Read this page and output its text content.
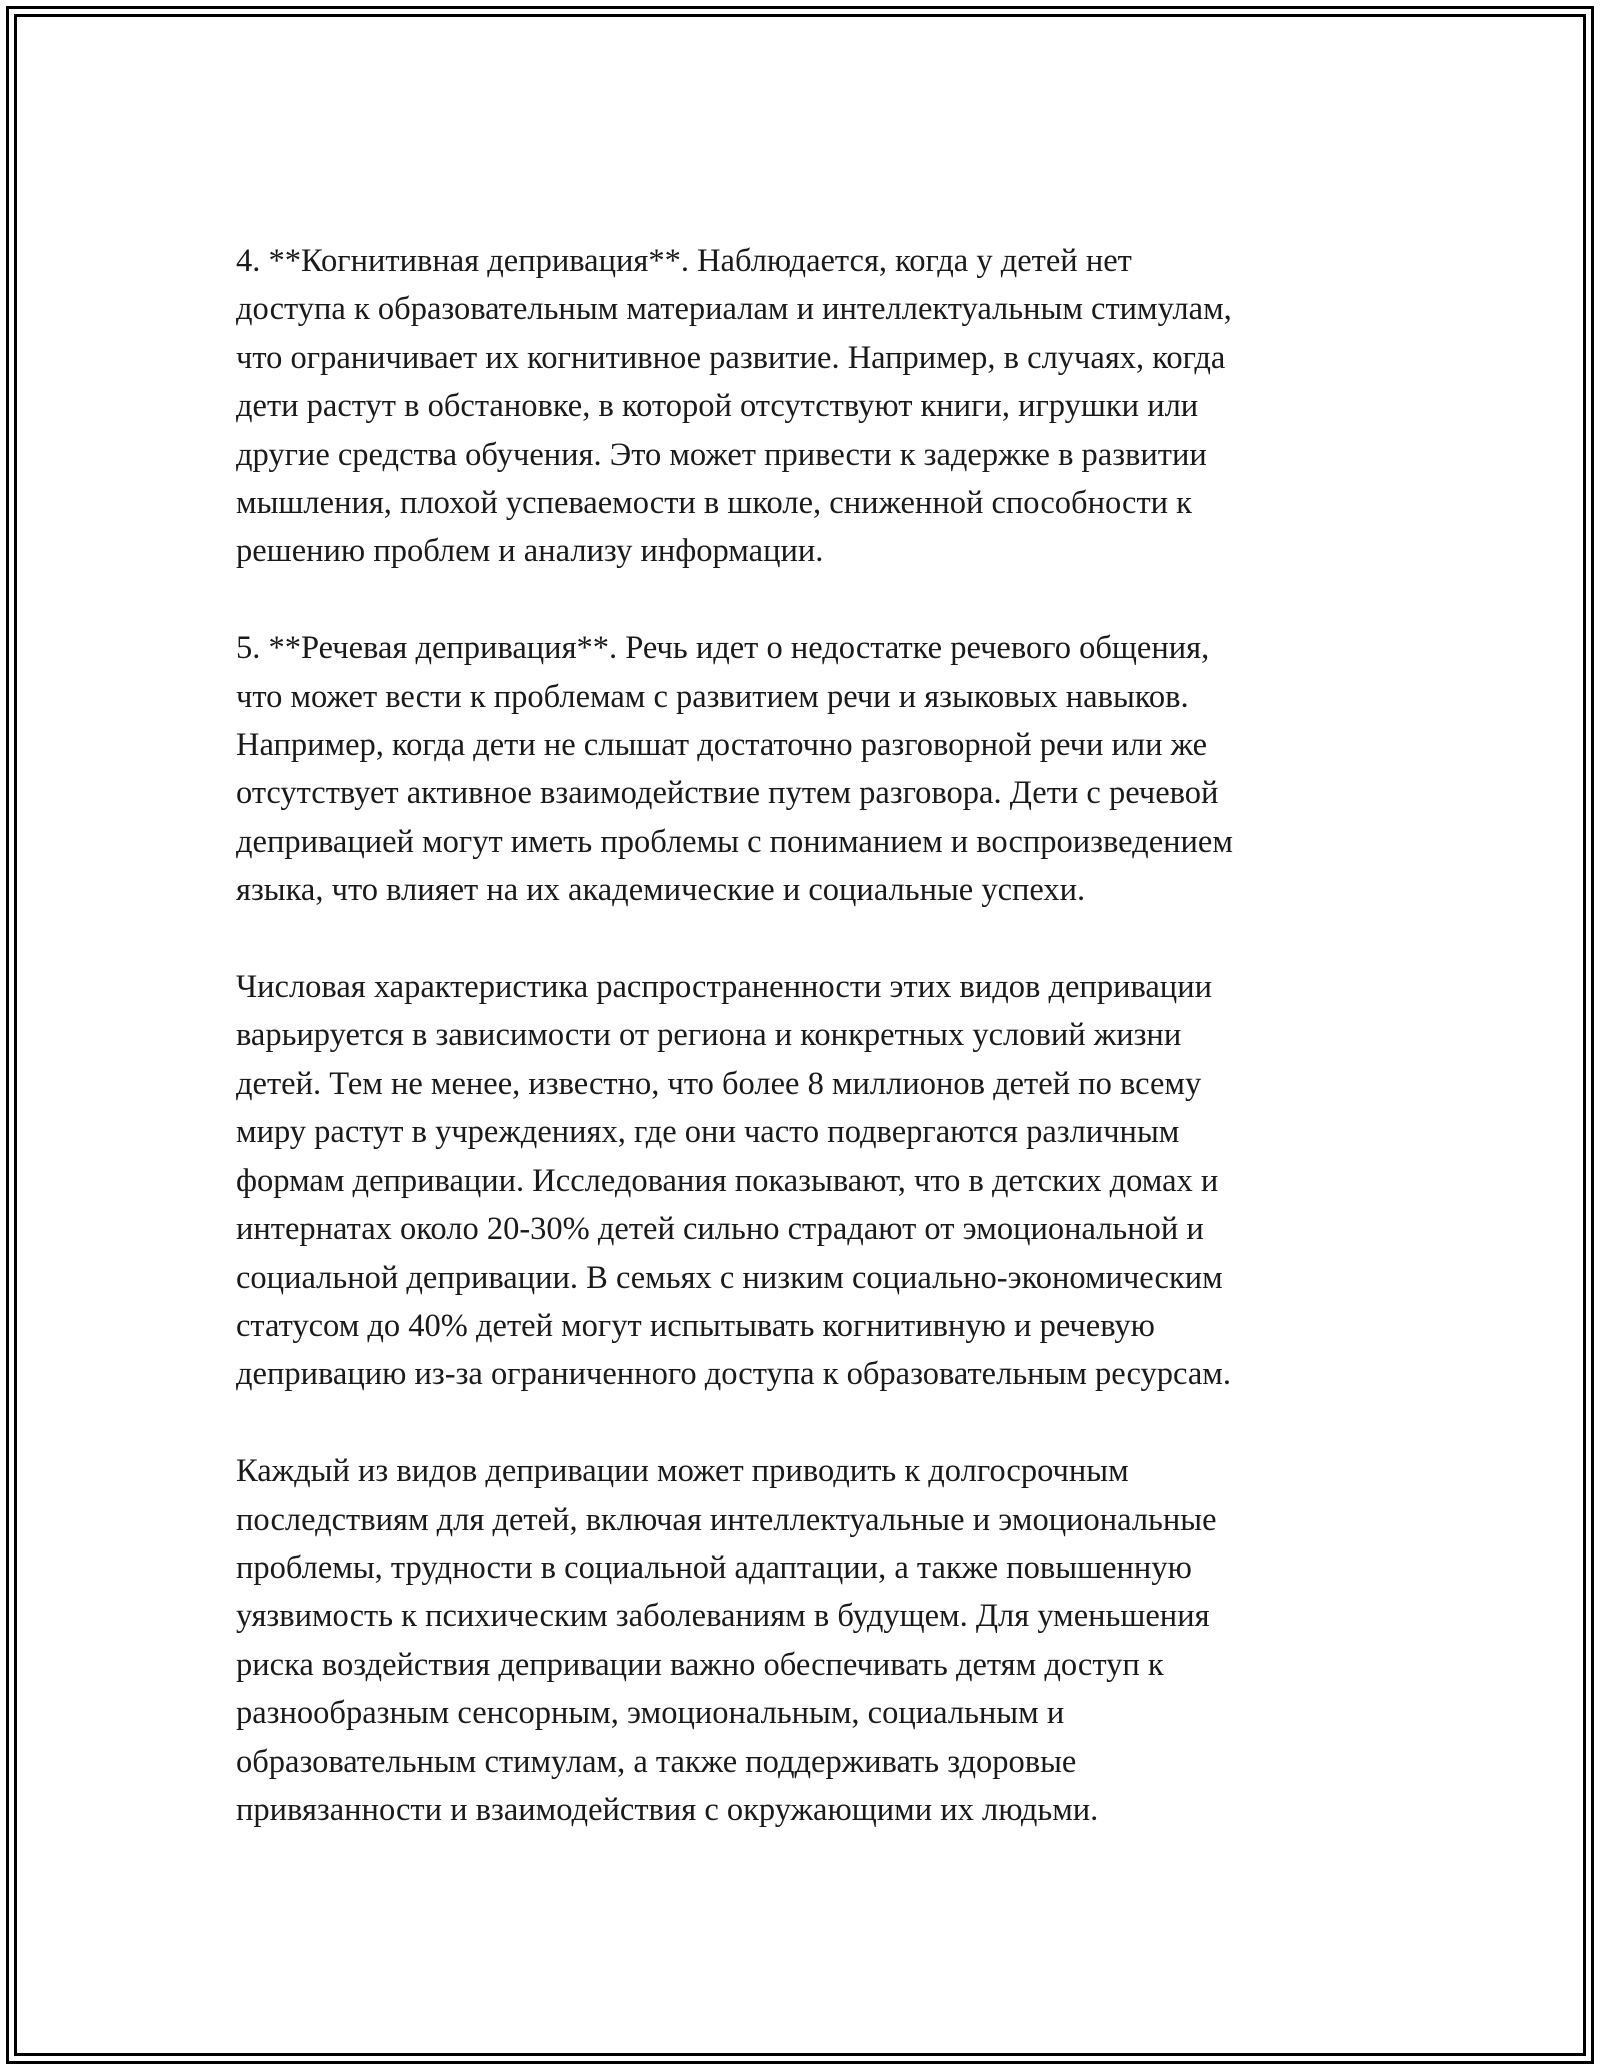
4. **Когнитивная депривация**. Наблюдается, когда у детей нет
доступа к образовательным материалам и интеллектуальным стимулам,
что ограничивает их когнитивное развитие. Например, в случаях, когда
дети растут в обстановке, в которой отсутствуют книги, игрушки или
другие средства обучения. Это может привести к задержке в развитии
мышления, плохой успеваемости в школе, сниженной способности к
решению проблем и анализу информации.

5. **Речевая депривация**. Речь идет о недостатке речевого общения,
что может вести к проблемам с развитием речи и языковых навыков.
Например, когда дети не слышат достаточно разговорной речи или же
отсутствует активное взаимодействие путем разговора. Дети с речевой
депривацией могут иметь проблемы с пониманием и воспроизведением
языка, что влияет на их академические и социальные успехи.

Числовая характеристика распространенности этих видов депривации
варьируется в зависимости от региона и конкретных условий жизни
детей. Тем не менее, известно, что более 8 миллионов детей по всему
миру растут в учреждениях, где они часто подвергаются различным
формам депривации. Исследования показывают, что в детских домах и
интернатах около 20-30% детей сильно страдают от эмоциональной и
социальной депривации. В семьях с низким социально-экономическим
статусом до 40% детей могут испытывать когнитивную и речевую
депривацию из-за ограниченного доступа к образовательным ресурсам.

Каждый из видов депривации может приводить к долгосрочным
последствиям для детей, включая интеллектуальные и эмоциональные
проблемы, трудности в социальной адаптации, а также повышенную
уязвимость к психическим заболеваниям в будущем. Для уменьшения
риска воздействия депривации важно обеспечивать детям доступ к
разнообразным сенсорным, эмоциональным, социальным и
образовательным стимулам, а также поддерживать здоровые
привязанности и взаимодействия с окружающими их людьми.
